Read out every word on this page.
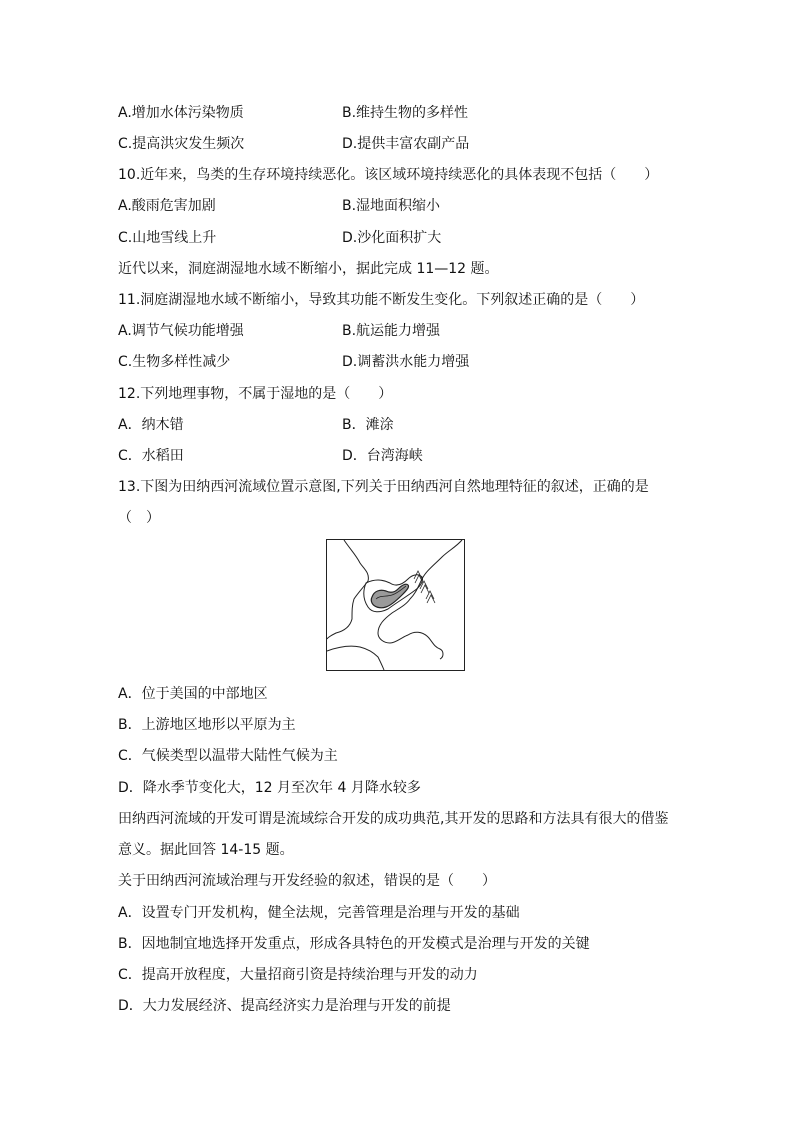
A.增加水体污染物质	B.维持生物的多样性
C.提高洪灾发生频次	D.提供丰富农副产品
10.近年来，鸟类的生存环境持续恶化。该区域环境持续恶化的具体表现不包括（　　）
A.酸雨危害加剧	B.湿地面积缩小
C.山地雪线上升	D.沙化面积扩大
近代以来，洞庭湖湿地水域不断缩小，据此完成 11—12 题。
11.洞庭湖湿地水域不断缩小，导致其功能不断发生变化。下列叙述正确的是（　　）
A.调节气候功能增强	B.航运能力增强
C.生物多样性减少	D.调蓄洪水能力增强
12.下列地理事物，不属于湿地的是（　　）
A．纳木错	B．滩涂
C．水稻田	D．台湾海峡
13.下图为田纳西河流域位置示意图,下列关于田纳西河自然地理特征的叙述，正确的是
（　）
A．位于美国的中部地区
B．上游地区地形以平原为主
C．气候类型以温带大陆性气候为主
D．降水季节变化大，12 月至次年 4 月降水较多
田纳西河流域的开发可谓是流域综合开发的成功典范,其开发的思路和方法具有很大的借鉴
意义。据此回答 14-15 题。
关于田纳西河流域治理与开发经验的叙述，错误的是（　　）
A．设置专门开发机构，健全法规，完善管理是治理与开发的基础
B．因地制宜地选择开发重点，形成各具特色的开发模式是治理与开发的关键
C．提高开放程度，大量招商引资是持续治理与开发的动力
D．大力发展经济、提高经济实力是治理与开发的前提
